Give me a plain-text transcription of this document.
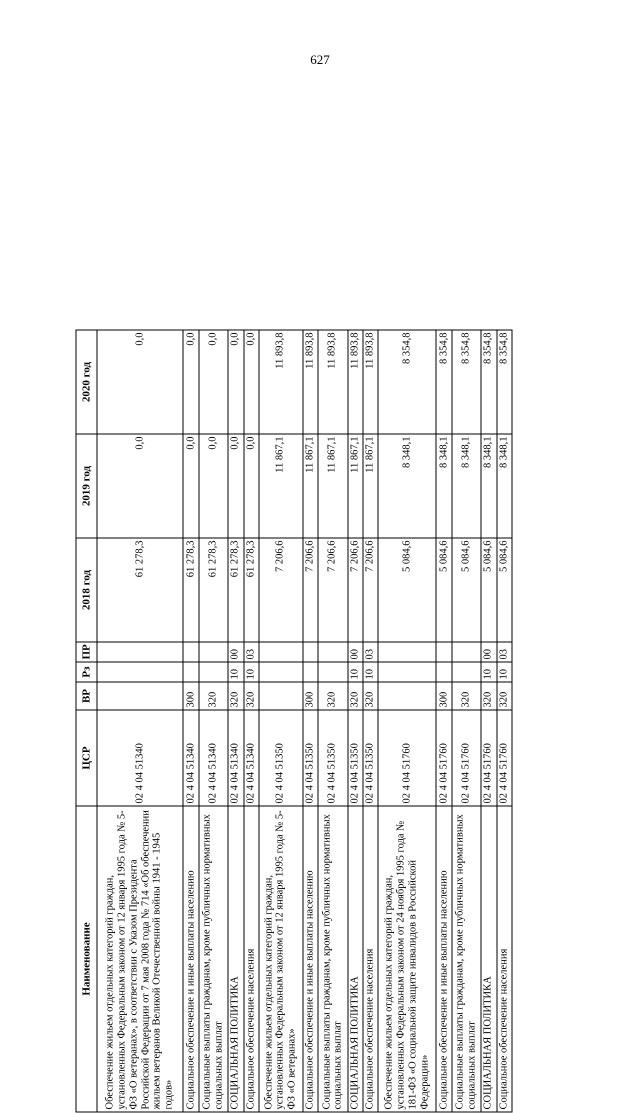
627
Наименование	ЦСР	ВР	Рз	ПР	2018 год	2019 год	2020 год
Обеспечение жильем отдельных категорий граждан, установленных Федеральным законом от 12 января 1995 года № 5-ФЗ «О ветеранах», в соответствии с Указом Президента Российской Федерации от 7 мая 2008 года № 714 «Об обеспечении жильем ветеранов Великой Отечественной войны 1941 - 1945 годов»	02 4 04 51340				61 278,3	0,0	0,0
Социальное обеспечение и иные выплаты населению	02 4 04 51340	300			61 278,3	0,0	0,0
Социальные выплаты гражданам, кроме публичных нормативных социальных выплат	02 4 04 51340	320			61 278,3	0,0	0,0
СОЦИАЛЬНАЯ ПОЛИТИКА	02 4 04 51340	320	10	00	61 278,3	0,0	0,0
Социальное обеспечение населения	02 4 04 51340	320	10	03	61 278,3	0,0	0,0
Обеспечение жильем отдельных категорий граждан, установленных Федеральным законом от 12 января 1995 года № 5-ФЗ «О ветеранах»	02 4 04 51350				7 206,6	11 867,1	11 893,8
Социальное обеспечение и иные выплаты населению	02 4 04 51350	300			7 206,6	11 867,1	11 893,8
Социальные выплаты гражданам, кроме публичных нормативных социальных выплат	02 4 04 51350	320			7 206,6	11 867,1	11 893,8
СОЦИАЛЬНАЯ ПОЛИТИКА	02 4 04 51350	320	10	00	7 206,6	11 867,1	11 893,8
Социальное обеспечение населения	02 4 04 51350	320	10	03	7 206,6	11 867,1	11 893,8
Обеспечение жильем отдельных категорий граждан, установленных Федеральным законом от 24 ноября 1995 года № 181-ФЗ «О социальной защите инвалидов в Российской Федерации»	02 4 04 51760				5 084,6	8 348,1	8 354,8
Социальное обеспечение и иные выплаты населению	02 4 04 51760	300			5 084,6	8 348,1	8 354,8
Социальные выплаты гражданам, кроме публичных нормативных социальных выплат	02 4 04 51760	320			5 084,6	8 348,1	8 354,8
СОЦИАЛЬНАЯ ПОЛИТИКА	02 4 04 51760	320	10	00	5 084,6	8 348,1	8 354,8
Социальное обеспечение населения	02 4 04 51760	320	10	03	5 084,6	8 348,1	8 354,8
